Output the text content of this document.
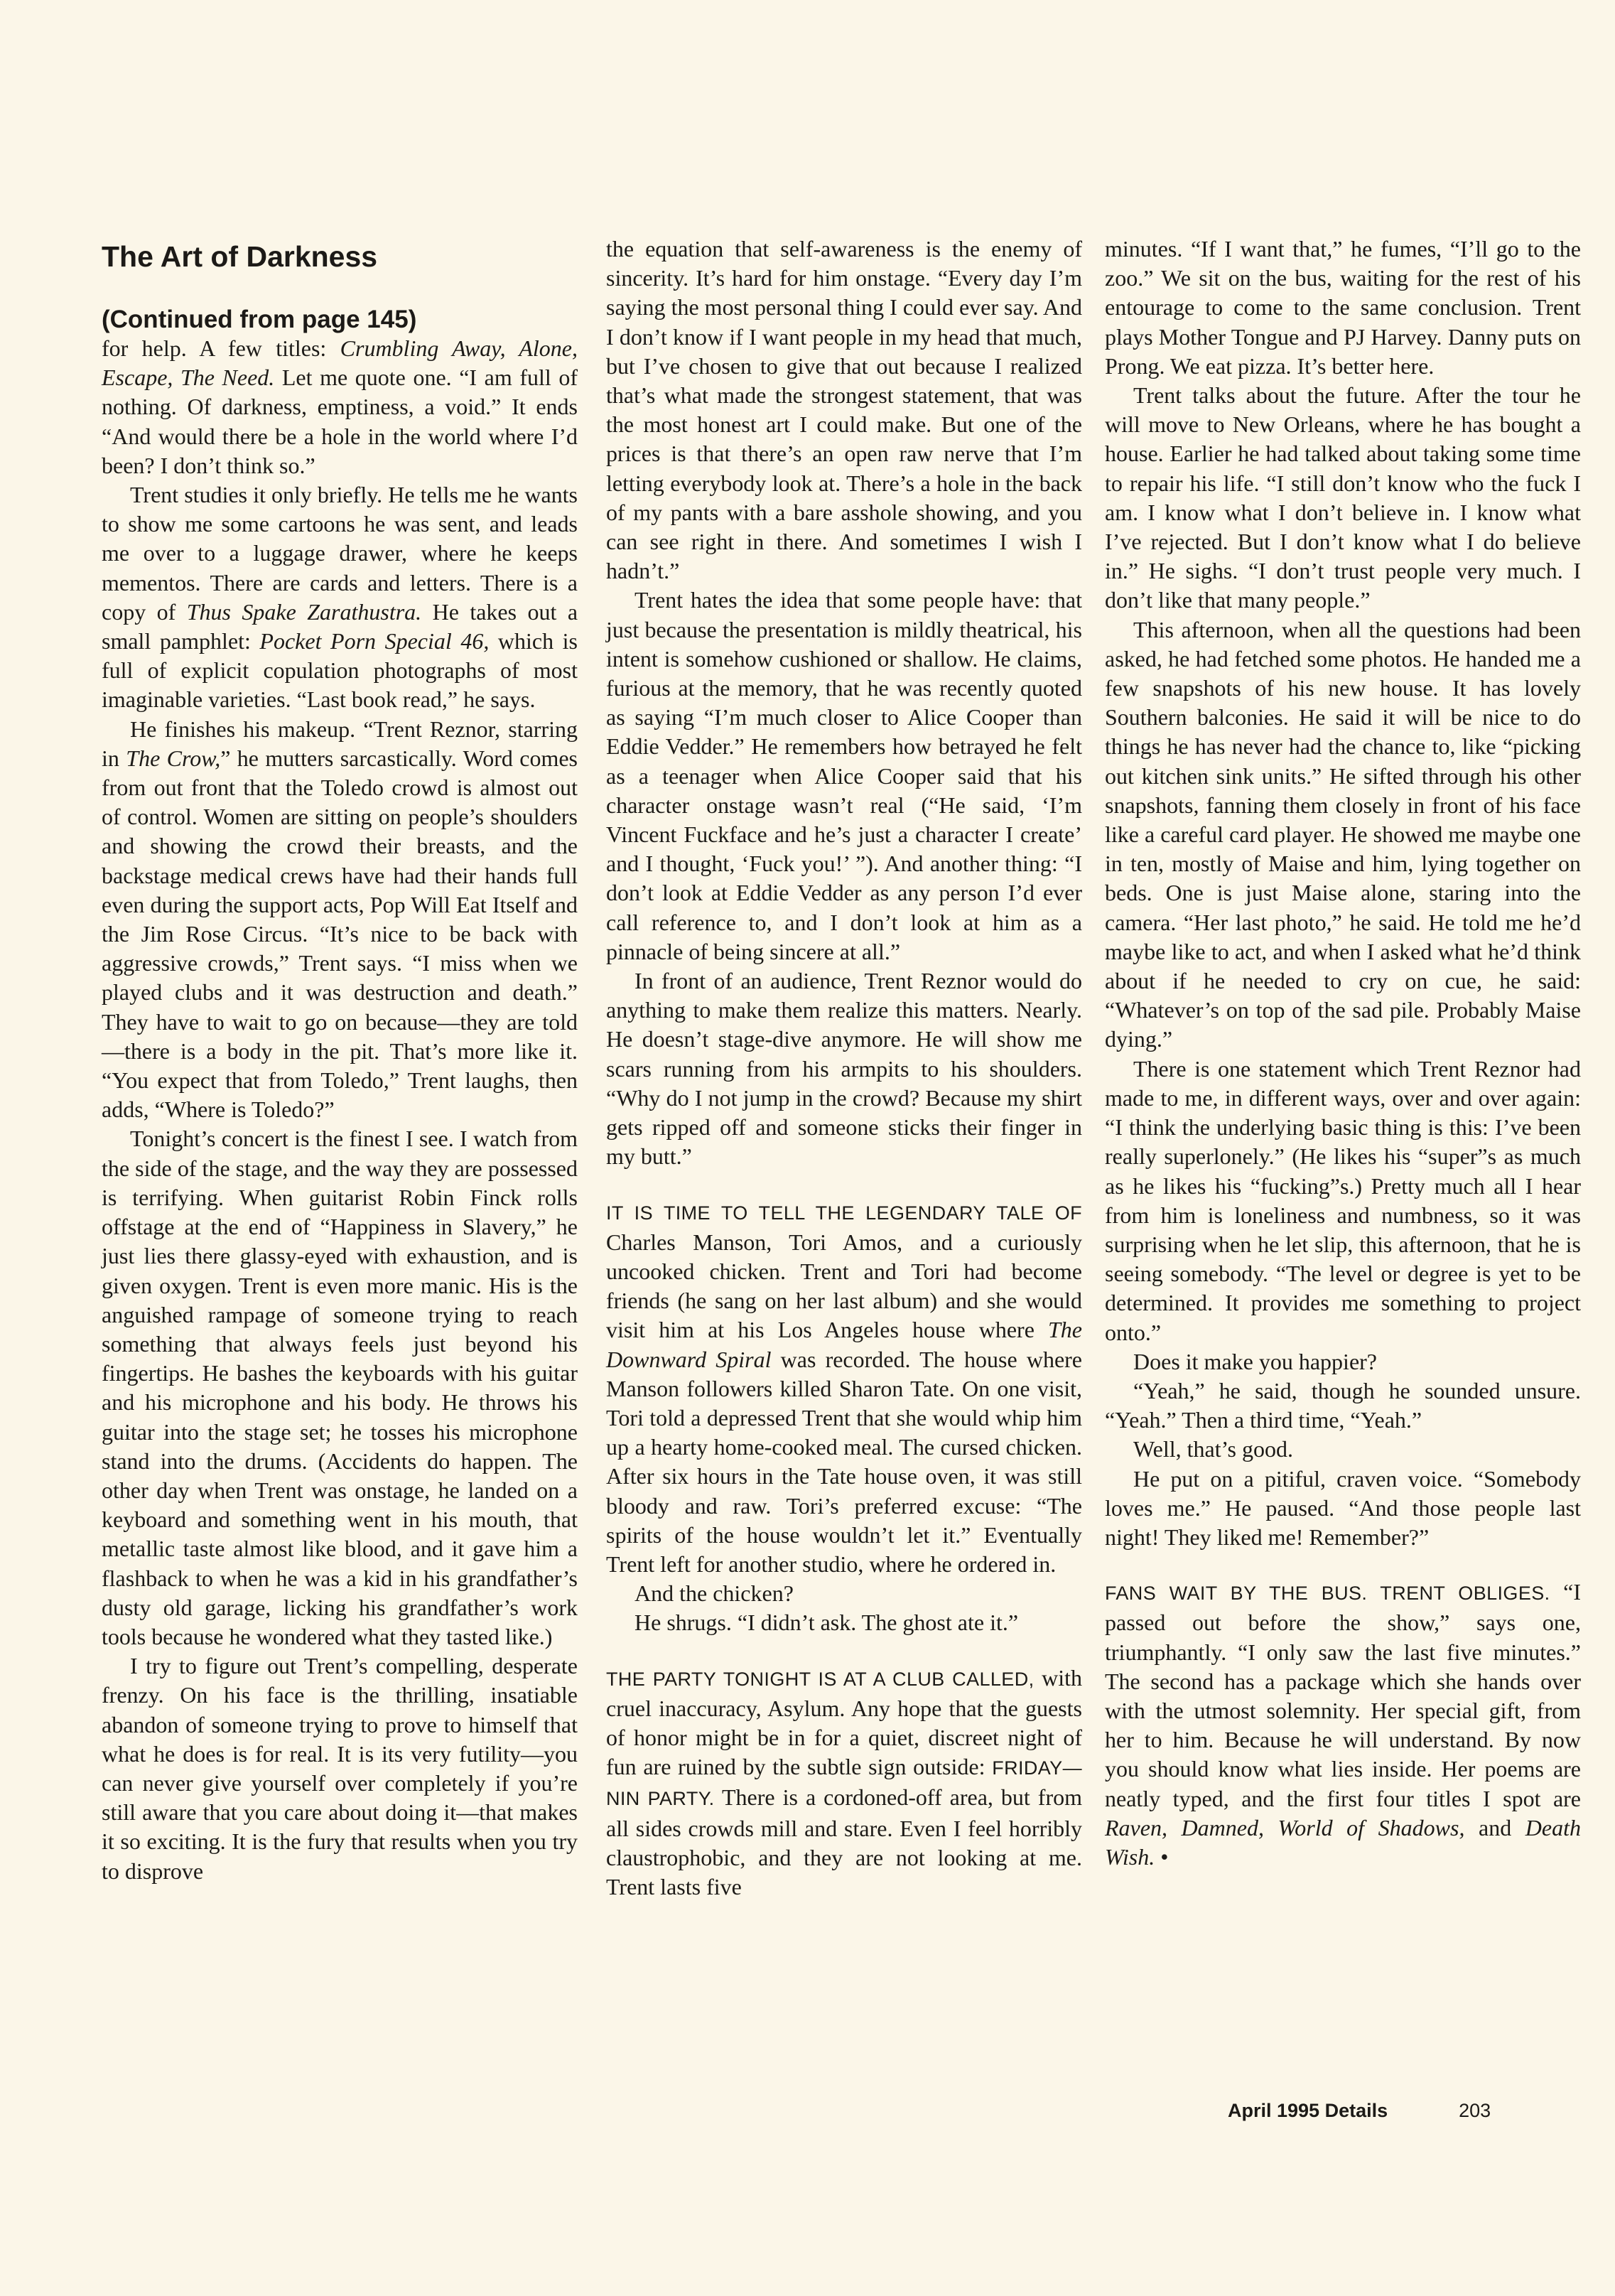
The Art of Darkness
(Continued from page 145)

for help. A few titles: Crumbling Away, Alone, Escape, The Need. Let me quote one. “I am full of nothing. Of darkness, emptiness, a void.” It ends “And would there be a hole in the world where I’d been? I don’t think so.”

Trent studies it only briefly. He tells me he wants to show me some cartoons he was sent, and leads me over to a luggage drawer, where he keeps mementos. There are cards and letters. There is a copy of Thus Spake Zarathustra. He takes out a small pamphlet: Pocket Porn Special 46, which is full of explicit copulation photographs of most imaginable varieties. “Last book read,” he says.

He finishes his makeup. “Trent Reznor, starring in The Crow,” he mutters sarcastically. Word comes from out front that the Toledo crowd is almost out of control. Women are sitting on people’s shoulders and showing the crowd their breasts, and the backstage medical crews have had their hands full even during the support acts, Pop Will Eat Itself and the Jim Rose Circus. “It’s nice to be back with aggressive crowds,” Trent says. “I miss when we played clubs and it was destruction and death.” They have to wait to go on because—they are told—there is a body in the pit. That’s more like it. “You expect that from Toledo,” Trent laughs, then adds, “Where is Toledo?”

Tonight’s concert is the finest I see. I watch from the side of the stage, and the way they are possessed is terrifying. When guitarist Robin Finck rolls offstage at the end of “Happiness in Slavery,” he just lies there glassy-eyed with exhaustion, and is given oxygen. Trent is even more manic. His is the anguished rampage of someone trying to reach something that always feels just beyond his fingertips. He bashes the keyboards with his guitar and his microphone and his body. He throws his guitar into the stage set; he tosses his microphone stand into the drums. (Accidents do happen. The other day when Trent was onstage, he landed on a keyboard and something went in his mouth, that metallic taste almost like blood, and it gave him a flashback to when he was a kid in his grandfather’s dusty old garage, licking his grandfather’s work tools because he wondered what they tasted like.)

I try to figure out Trent’s compelling, desperate frenzy. On his face is the thrilling, insatiable abandon of someone trying to prove to himself that what he does is for real. It is its very futility—you can never give yourself over completely if you’re still aware that you care about doing it—that makes it so exciting. It is the fury that results when you try to disprove

the equation that self-awareness is the enemy of sincerity. It’s hard for him onstage. “Every day I’m saying the most personal thing I could ever say. And I don’t know if I want people in my head that much, but I’ve chosen to give that out because I realized that’s what made the strongest statement, that was the most honest art I could make. But one of the prices is that there’s an open raw nerve that I’m letting everybody look at. There’s a hole in the back of my pants with a bare asshole showing, and you can see right in there. And sometimes I wish I hadn’t.”

Trent hates the idea that some people have: that just because the presentation is mildly theatrical, his intent is somehow cushioned or shallow. He claims, furious at the memory, that he was recently quoted as saying “I’m much closer to Alice Cooper than Eddie Vedder.” He remembers how betrayed he felt as a teenager when Alice Cooper said that his character onstage wasn’t real (“He said, ‘I’m Vincent Fuckface and he’s just a character I create’ and I thought, ‘Fuck you!’ ”). And another thing: “I don’t look at Eddie Vedder as any person I’d ever call reference to, and I don’t look at him as a pinnacle of being sincere at all.”

In front of an audience, Trent Reznor would do anything to make them realize this matters. Nearly. He doesn’t stage-dive anymore. He will show me scars running from his armpits to his shoulders. “Why do I not jump in the crowd? Because my shirt gets ripped off and someone sticks their finger in my butt.”

IT IS TIME TO TELL THE LEGENDARY TALE OF Charles Manson, Tori Amos, and a curiously uncooked chicken. Trent and Tori had become friends (he sang on her last album) and she would visit him at his Los Angeles house where The Downward Spiral was recorded. The house where Manson followers killed Sharon Tate. On one visit, Tori told a depressed Trent that she would whip him up a hearty home-cooked meal. The cursed chicken. After six hours in the Tate house oven, it was still bloody and raw. Tori’s preferred excuse: “The spirits of the house wouldn’t let it.” Eventually Trent left for another studio, where he ordered in.

And the chicken?

He shrugs. “I didn’t ask. The ghost ate it.”

THE PARTY TONIGHT IS AT A CLUB CALLED, with cruel inaccuracy, Asylum. Any hope that the guests of honor might be in for a quiet, discreet night of fun are ruined by the subtle sign outside: FRIDAY—NIN PARTY. There is a cordoned-off area, but from all sides crowds mill and stare. Even I feel horribly claustrophobic, and they are not looking at me. Trent lasts five

minutes. “If I want that,” he fumes, “I’ll go to the zoo.” We sit on the bus, waiting for the rest of his entourage to come to the same conclusion. Trent plays Mother Tongue and PJ Harvey. Danny puts on Prong. We eat pizza. It’s better here.

Trent talks about the future. After the tour he will move to New Orleans, where he has bought a house. Earlier he had talked about taking some time to repair his life. “I still don’t know who the fuck I am. I know what I don’t believe in. I know what I’ve rejected. But I don’t know what I do believe in.” He sighs. “I don’t trust people very much. I don’t like that many people.”

This afternoon, when all the questions had been asked, he had fetched some photos. He handed me a few snapshots of his new house. It has lovely Southern balconies. He said it will be nice to do things he has never had the chance to, like “picking out kitchen sink units.” He sifted through his other snapshots, fanning them closely in front of his face like a careful card player. He showed me maybe one in ten, mostly of Maise and him, lying together on beds. One is just Maise alone, staring into the camera. “Her last photo,” he said. He told me he’d maybe like to act, and when I asked what he’d think about if he needed to cry on cue, he said: “Whatever’s on top of the sad pile. Probably Maise dying.”

There is one statement which Trent Reznor had made to me, in different ways, over and over again: “I think the underlying basic thing is this: I’ve been really superlonely.” (He likes his “super”s as much as he likes his “fucking”s.) Pretty much all I hear from him is loneliness and numbness, so it was surprising when he let slip, this afternoon, that he is seeing somebody. “The level or degree is yet to be determined. It provides me something to project onto.”

Does it make you happier?

“Yeah,” he said, though he sounded unsure. “Yeah.” Then a third time, “Yeah.”

Well, that’s good.

He put on a pitiful, craven voice. “Somebody loves me.” He paused. “And those people last night! They liked me! Remember?”

FANS WAIT BY THE BUS. TRENT OBLIGES. “I passed out before the show,” says one, triumphantly. “I only saw the last five minutes.” The second has a package which she hands over with the utmost solemnity. Her special gift, from her to him. Because he will understand. By now you should know what lies inside. Her poems are neatly typed, and the first four titles I spot are Raven, Damned, World of Shadows, and Death Wish. •

April 1995 Details	203
